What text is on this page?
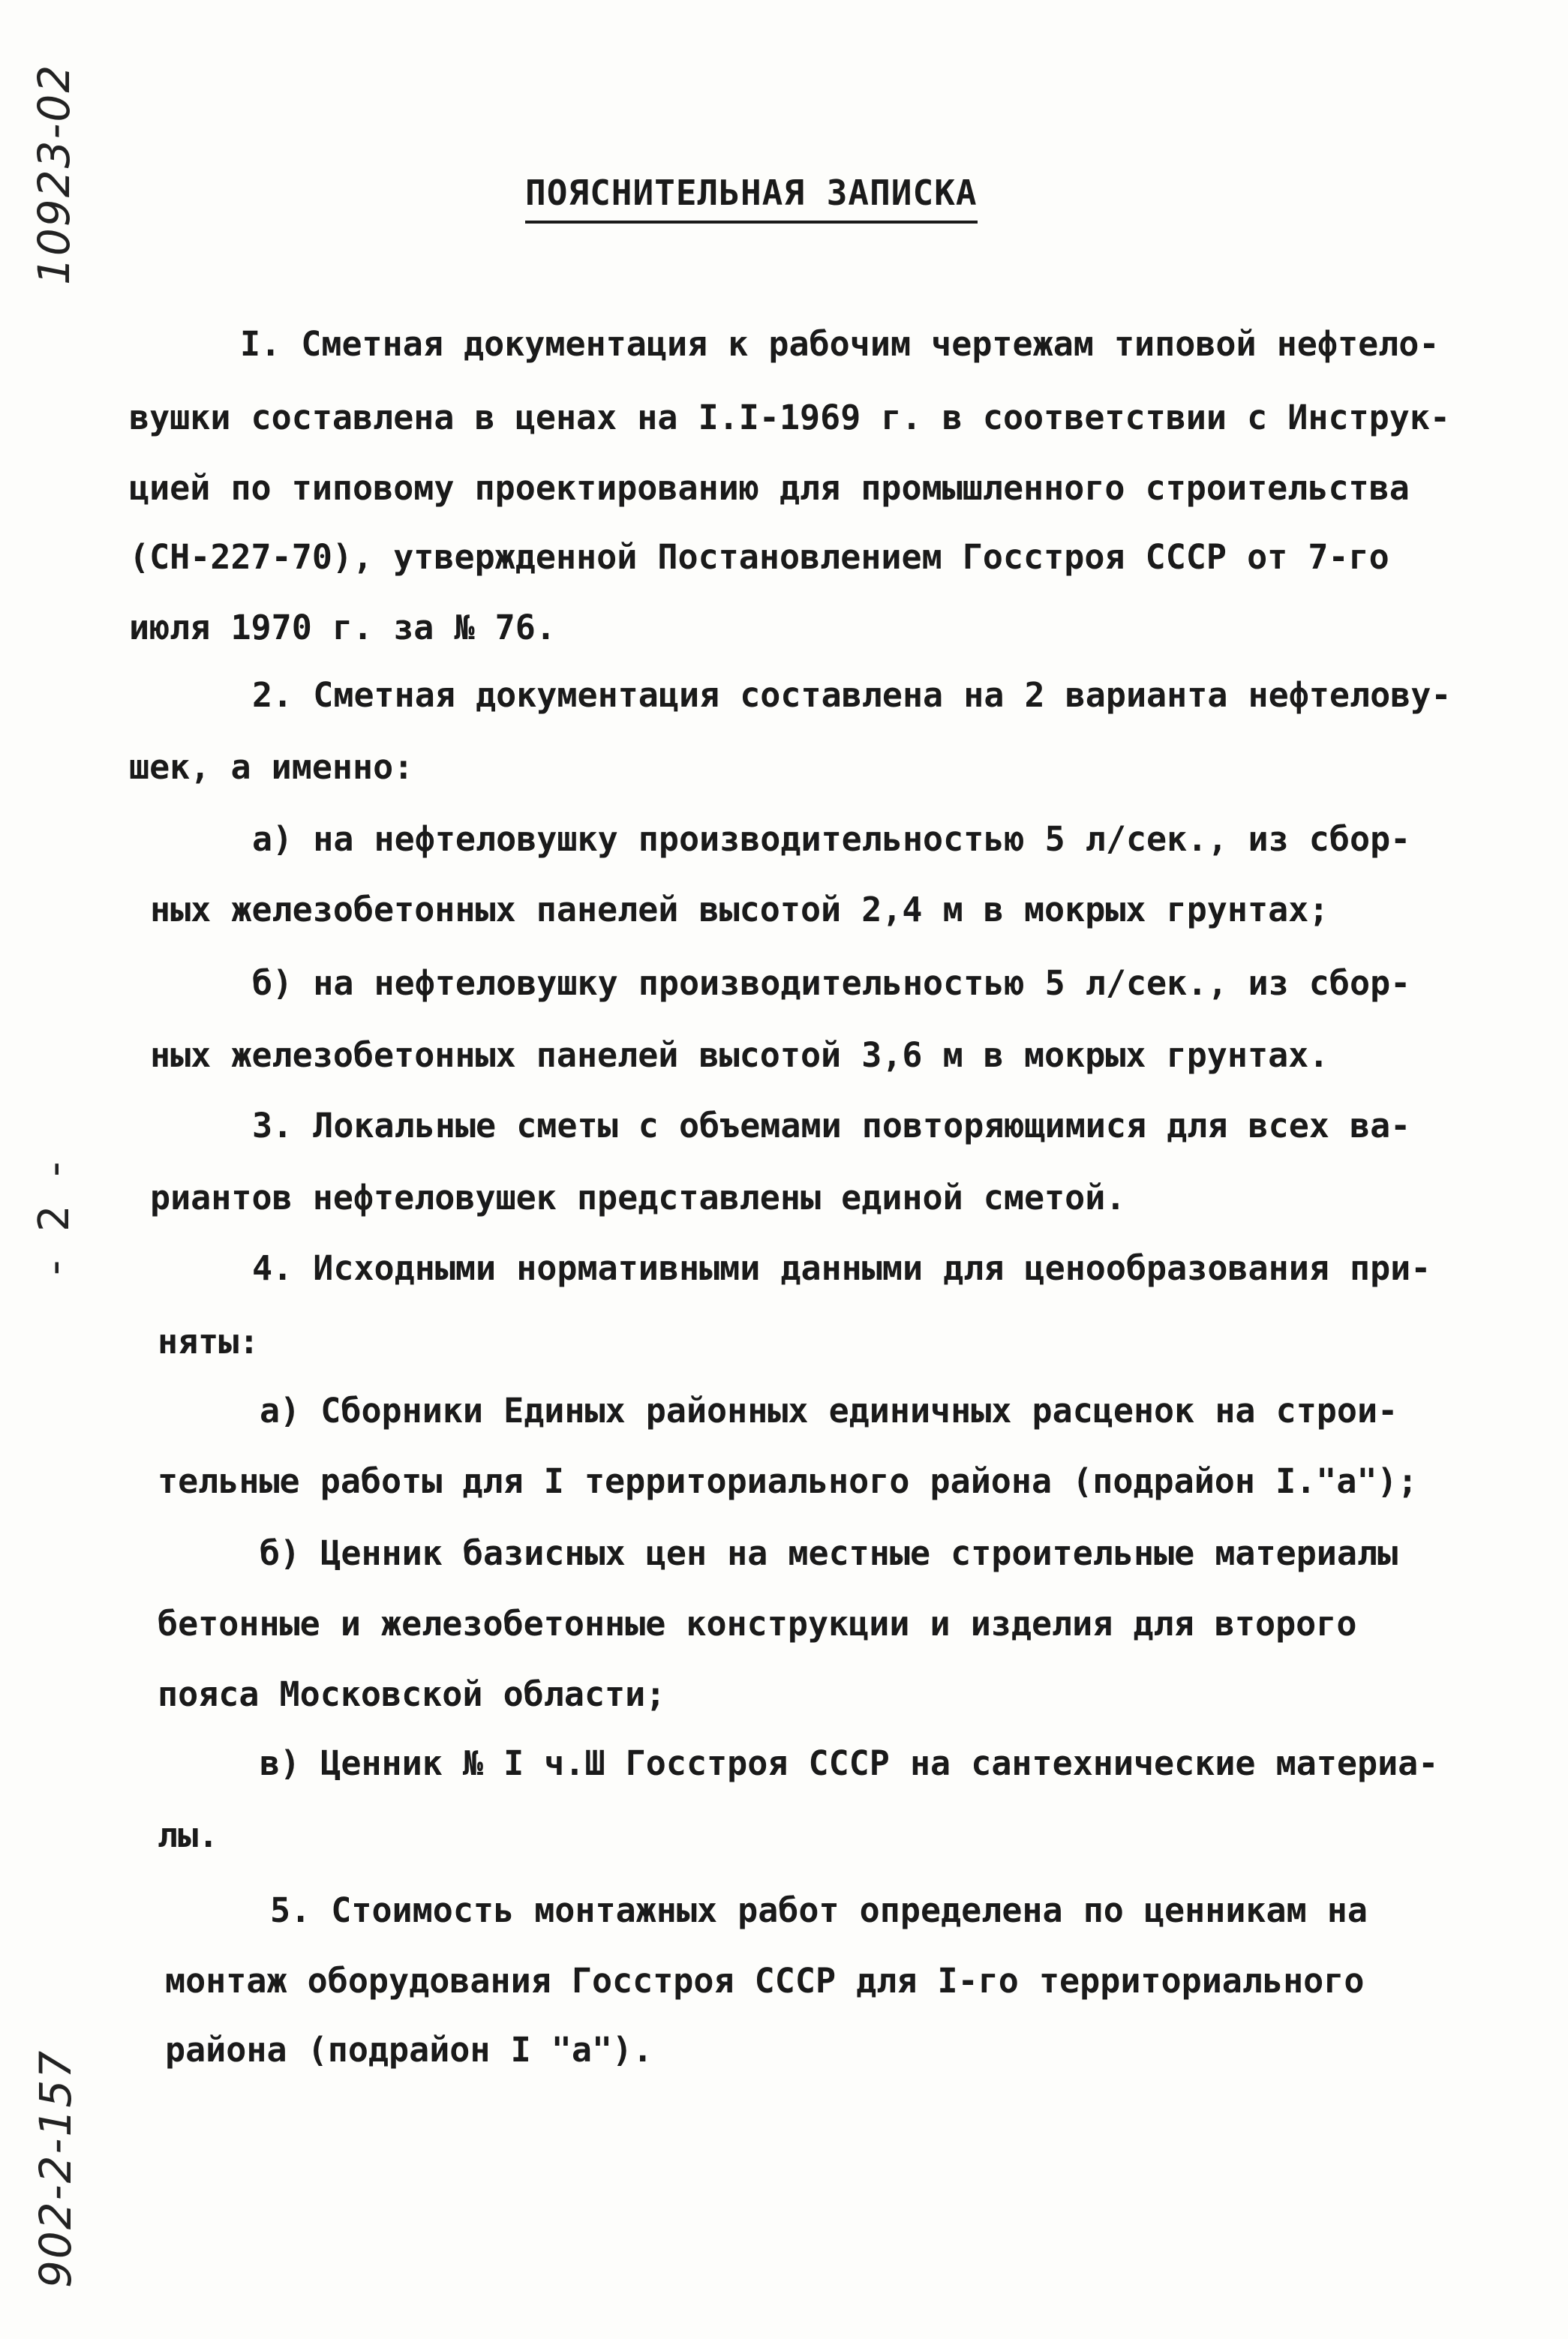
10923-02
- 2 -
902-2-157
ПОЯСНИТЕЛЬНАЯ ЗАПИСКА
I. Сметная документация к рабочим чертежам типовой нефтело-
вушки составлена в ценах на I.I-1969 г. в соответствии с Инструк-
цией по типовому проектированию для промышленного строительства
(СН-227-70), утвержденной Постановлением Госстроя СССР от 7-го
июля 1970 г. за № 76.
2. Сметная документация составлена на 2 варианта нефтеловy-
шек, а именно:
а) на нефтеловушку производительностью 5 л/сек., из сбор-
ных железобетонных панелей высотой 2,4 м в мокрых грунтах;
б) на нефтеловушку производительностью 5 л/сек., из сбор-
ных железобетонных панелей высотой 3,6 м в мокрых грунтах.
3. Локальные сметы с объемами повторяющимися для всех ва-
риантов нефтеловушек представлены единой сметой.
4. Исходными нормативными данными для ценообразования при-
няты:
а) Сборники Единых районных единичных расценок на строи-
тельные работы для I территориального района (подрайон I."а");
б) Ценник базисных цен на местные строительные материалы
бетонные и железобетонные конструкции и изделия для второго
пояса Московской области;
в) Ценник № I ч.Ш Госстроя СССР на сантехнические материа-
лы.
5. Стоимость монтажных работ определена по ценникам на
монтаж оборудования Госстроя СССР для I-го территориального
района (подрайон I "а").
